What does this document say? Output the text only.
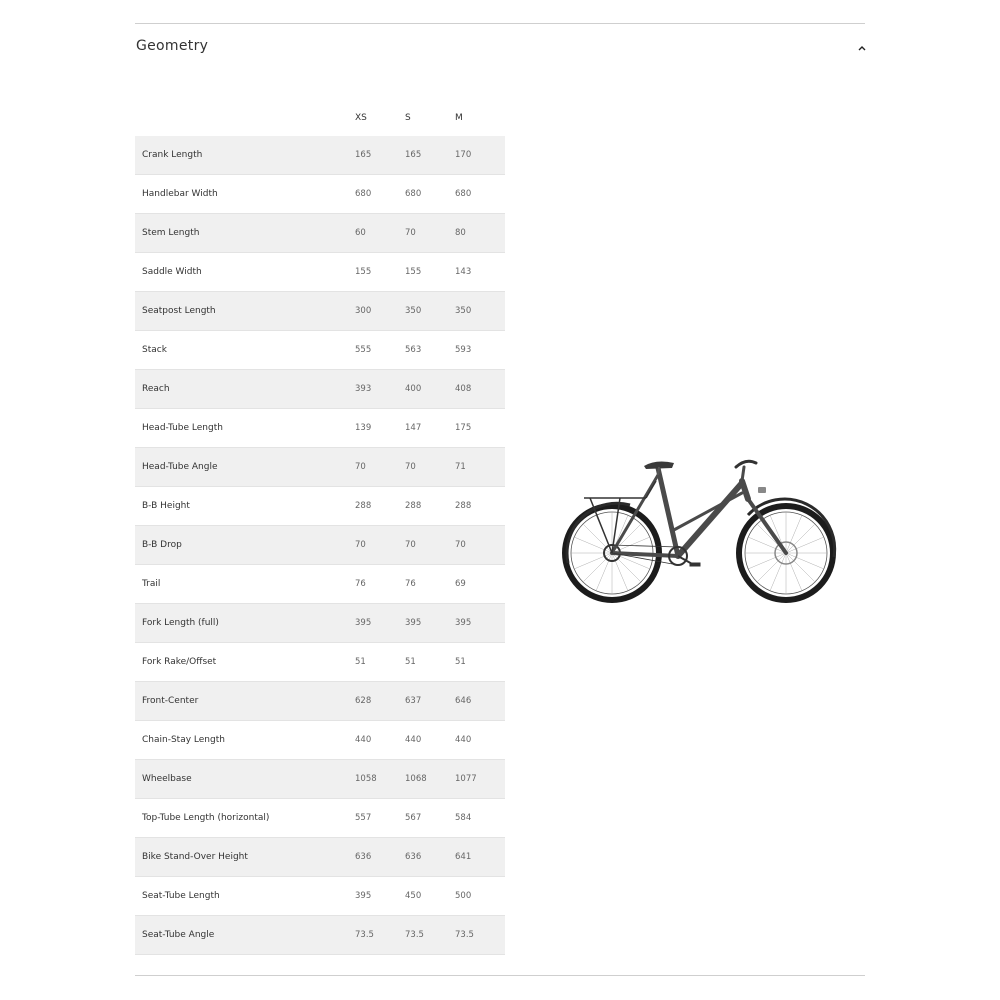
Geometry
	XS	S	M
Crank Length	165	165	170
Handlebar Width	680	680	680
Stem Length	60	70	80
Saddle Width	155	155	143
Seatpost Length	300	350	350
Stack	555	563	593
Reach	393	400	408
Head-Tube Length	139	147	175
Head-Tube Angle	70	70	71
B-B Height	288	288	288
B-B Drop	70	70	70
Trail	76	76	69
Fork Length (full)	395	395	395
Fork Rake/Offset	51	51	51
Front-Center	628	637	646
Chain-Stay Length	440	440	440
Wheelbase	1058	1068	1077
Top-Tube Length (horizontal)	557	567	584
Bike Stand-Over Height	636	636	641
Seat-Tube Length	395	450	500
Seat-Tube Angle	73.5	73.5	73.5
